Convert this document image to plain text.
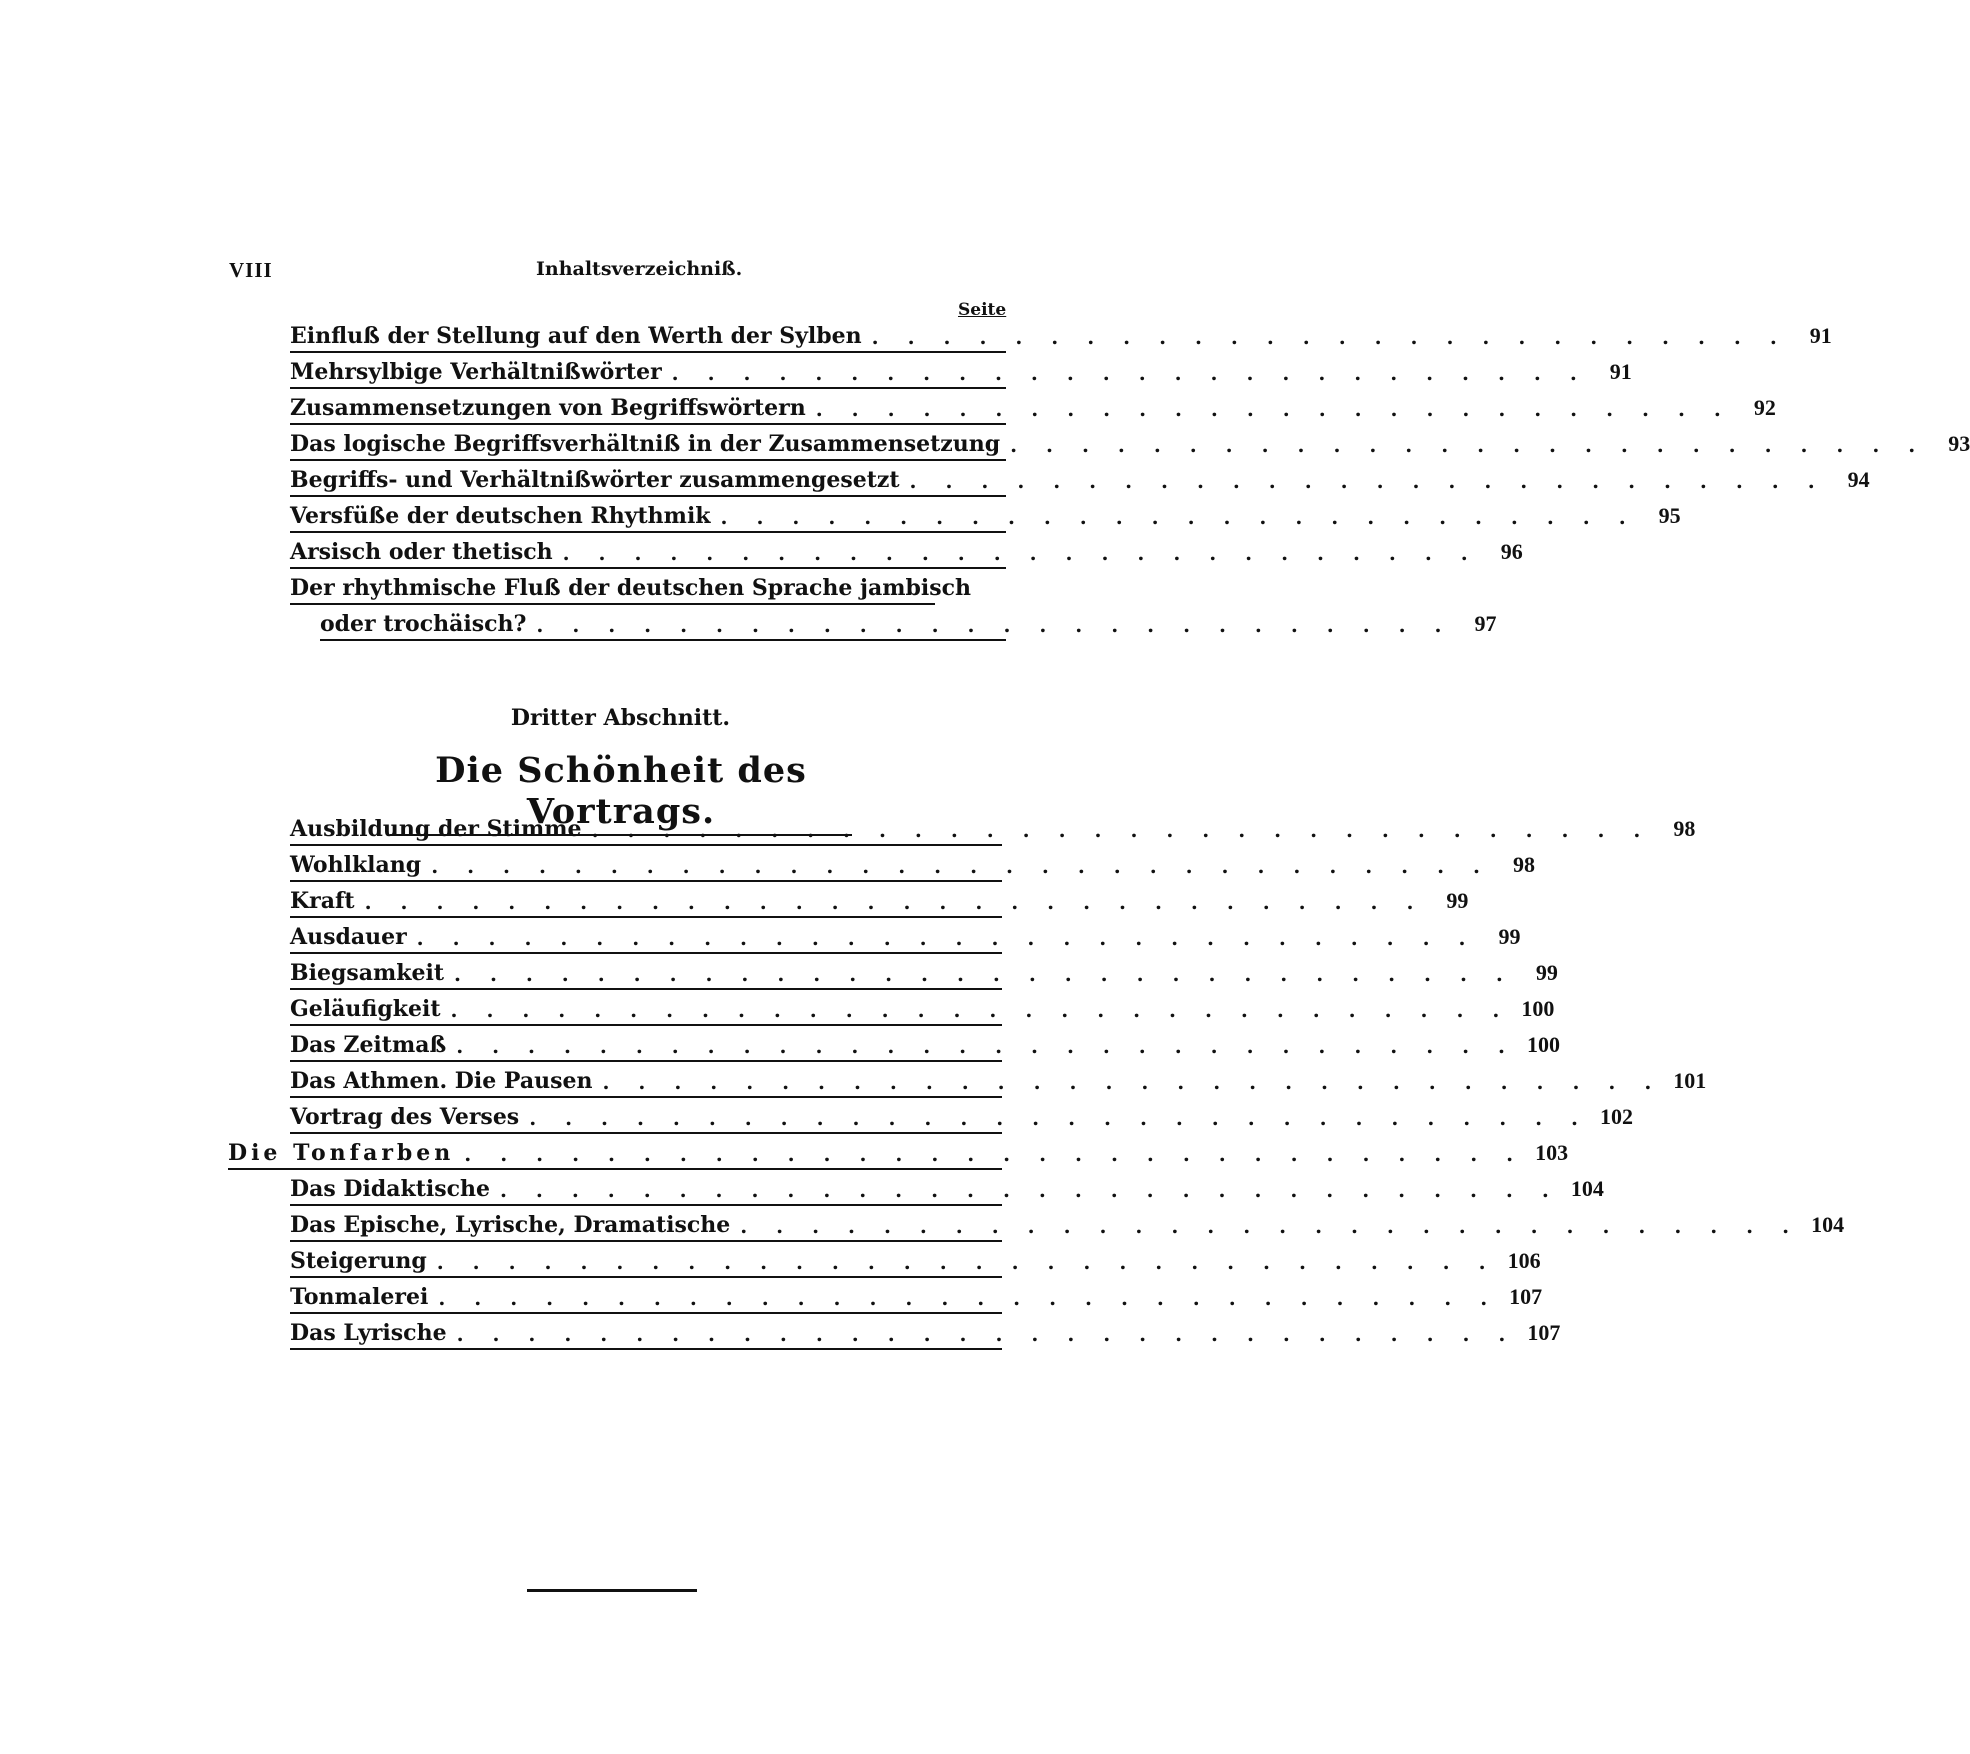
VIII	Inhaltsverzeichniß.
Seite
Einfluß der Stellung auf den Werth der Sylben . . . . . . . . . . . . . . . . . . . . . . . . . .	91
Mehrsylbige Verhältnißwörter . . . . . . . . . . . . . . . . . . . . . . . . . .	91
Zusammensetzungen von Begriffswörtern . . . . . . . . . . . . . . . . . . . . . . . . . .	92
Das logische Begriffsverhältniß in der Zusammensetzung . . . . . . . . . . . . . . . . . . . . . . . . . .	93
Begriffs- und Verhältnißwörter zusammengesetzt . . . . . . . . . . . . . . . . . . . . . . . . . .	94
Versfüße der deutschen Rhythmik . . . . . . . . . . . . . . . . . . . . . . . . . .	95
Arsisch oder thetisch . . . . . . . . . . . . . . . . . . . . . . . . . .	96
Der rhythmische Fluß der deutschen Sprache jambisch
oder trochäisch? . . . . . . . . . . . . . . . . . . . . . . . . . .	97
Dritter Abschnitt.
Die Schönheit des Vortrags.
Ausbildung der Stimme . . . . . . . . . . . . . . . . . . . . . . . . . . . . . .	98
Wohlklang . . . . . . . . . . . . . . . . . . . . . . . . . . . . . .	98
Kraft . . . . . . . . . . . . . . . . . . . . . . . . . . . . . .	99
Ausdauer . . . . . . . . . . . . . . . . . . . . . . . . . . . . . .	99
Biegsamkeit . . . . . . . . . . . . . . . . . . . . . . . . . . . . . .	99
Geläufigkeit . . . . . . . . . . . . . . . . . . . . . . . . . . . . . . 100
Das Zeitmaß . . . . . . . . . . . . . . . . . . . . . . . . . . . . . . 100
Das Athmen. Die Pausen . . . . . . . . . . . . . . . . . . . . . . . . . . . . . . 101
Vortrag des Verses . . . . . . . . . . . . . . . . . . . . . . . . . . . . . . 102
Die Tonfarben . . . . . . . . . . . . . . . . . . . . . . . . . . . . . . 103
Das Didaktische . . . . . . . . . . . . . . . . . . . . . . . . . . . . . . 104
Das Epische, Lyrische, Dramatische . . . . . . . . . . . . . . . . . . . . . . . . . . . . . . 104
Steigerung . . . . . . . . . . . . . . . . . . . . . . . . . . . . . . 106
Tonmalerei . . . . . . . . . . . . . . . . . . . . . . . . . . . . . . 107
Das Lyrische . . . . . . . . . . . . . . . . . . . . . . . . . . . . . . 107
